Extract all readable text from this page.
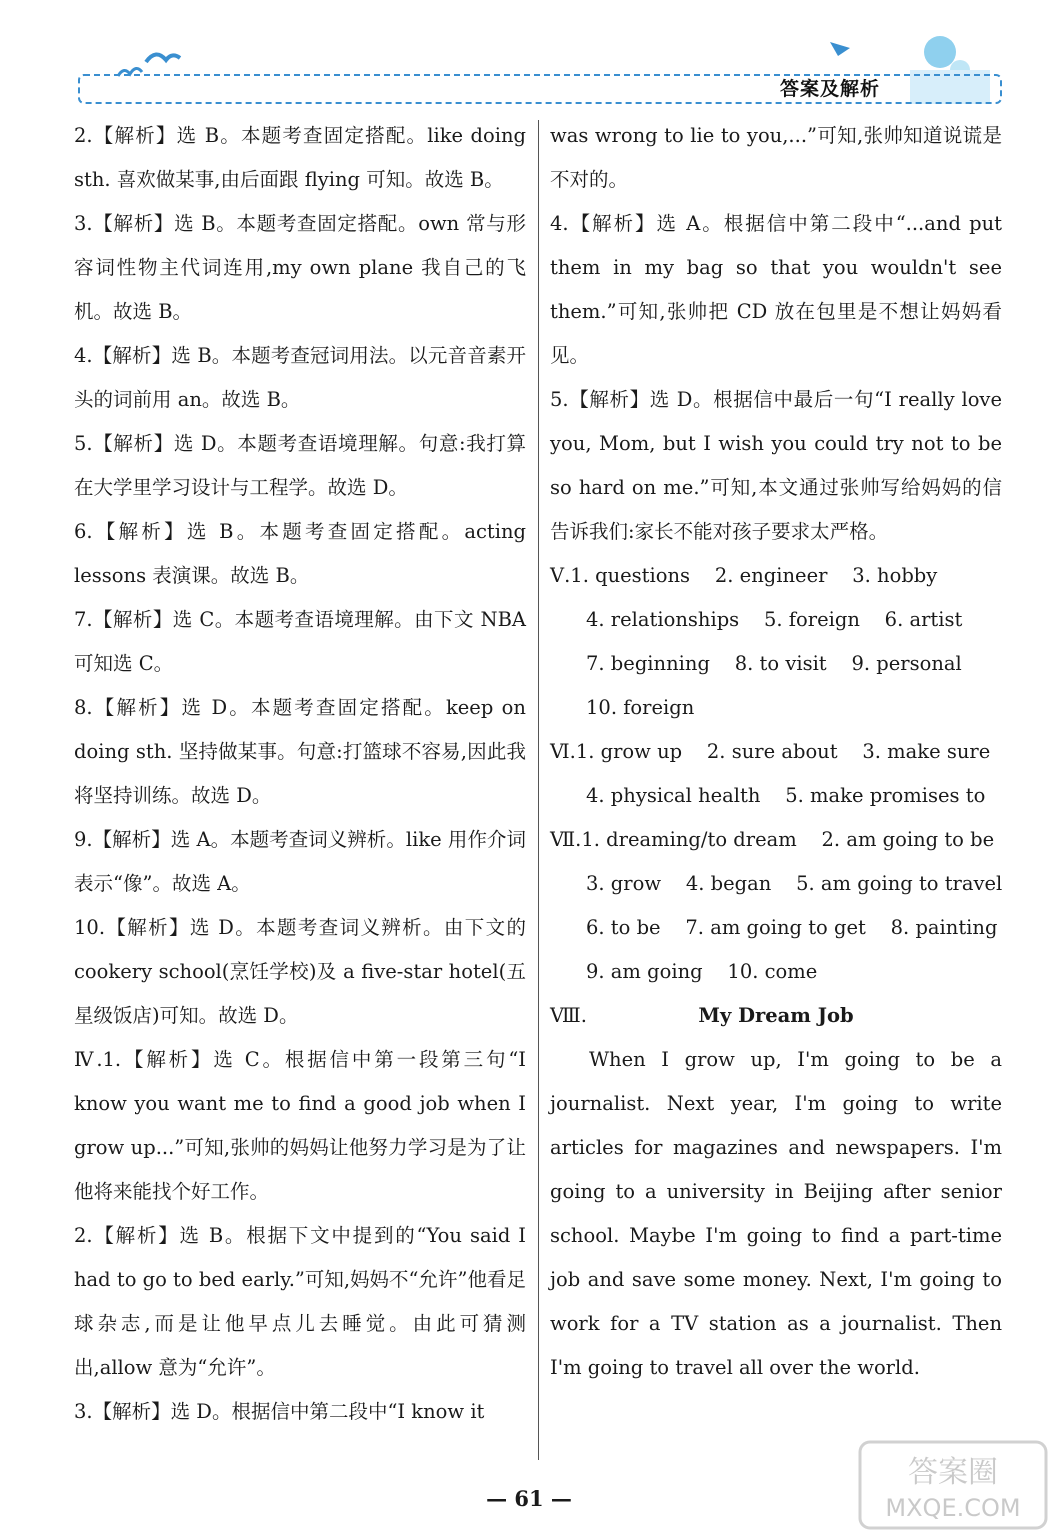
答案及解析
2.【解析】选 B。本题考查固定搭配。like doing sth. 喜欢做某事,由后面跟 flying 可知。故选 B。
3.【解析】选 B。本题考查固定搭配。own 常与形容词性物主代词连用,my own plane 我自己的飞机。故选 B。
4.【解析】选 B。本题考查冠词用法。以元音音素开头的词前用 an。故选 B。
5.【解析】选 D。本题考查语境理解。句意:我打算在大学里学习设计与工程学。故选 D。
6.【解析】选 B。本题考查固定搭配。acting lessons 表演课。故选 B。
7.【解析】选 C。本题考查语境理解。由下文 NBA 可知选 C。
8.【解析】选 D。本题考查固定搭配。keep on doing sth. 坚持做某事。句意:打篮球不容易,因此我将坚持训练。故选 D。
9.【解析】选 A。本题考查词义辨析。like 用作介词表示“像”。故选 A。
10.【解析】选 D。本题考查词义辨析。由下文的 cookery school(烹饪学校)及 a five-star hotel(五星级饭店)可知。故选 D。
Ⅳ.1.【解析】选 C。根据信中第一段第三句“I know you want me to find a good job when I grow up...”可知,张帅的妈妈让他努力学习是为了让他将来能找个好工作。
2.【解析】选 B。根据下文中提到的“You said I had to go to bed early.”可知,妈妈不“允许”他看足球杂志,而是让他早点儿去睡觉。由此可猜测出,allow 意为“允许”。
3.【解析】选 D。根据信中第二段中“I know it
was wrong to lie to you,...”可知,张帅知道说谎是不对的。
4.【解析】选 A。根据信中第二段中“...and put them in my bag so that you wouldn't see them.”可知,张帅把 CD 放在包里是不想让妈妈看见。
5.【解析】选 D。根据信中最后一句“I really love you, Mom, but I wish you could try not to be so hard on me.”可知,本文通过张帅写给妈妈的信告诉我们:家长不能对孩子要求太严格。
Ⅴ.1. questions    2. engineer    3. hobby
4. relationships    5. foreign    6. artist
7. beginning    8. to visit    9. personal
10. foreign
Ⅵ.1. grow up    2. sure about    3. make sure
4. physical health    5. make promises to
Ⅶ.1. dreaming/to dream    2. am going to be
3. grow    4. began    5. am going to travel
6. to be    7. am going to get    8. painting
9. am going    10. come
Ⅷ.	My Dream Job

When I grow up, I'm going to be a journalist. Next year, I'm going to write articles for magazines and newspapers. I'm going to a university in Beijing after senior school. Maybe I'm going to find a part-time job and save some money. Next, I'm going to work for a TV station as a journalist. Then I'm going to travel all over the world.

— 61 —
答案圈
MXQE.COM
